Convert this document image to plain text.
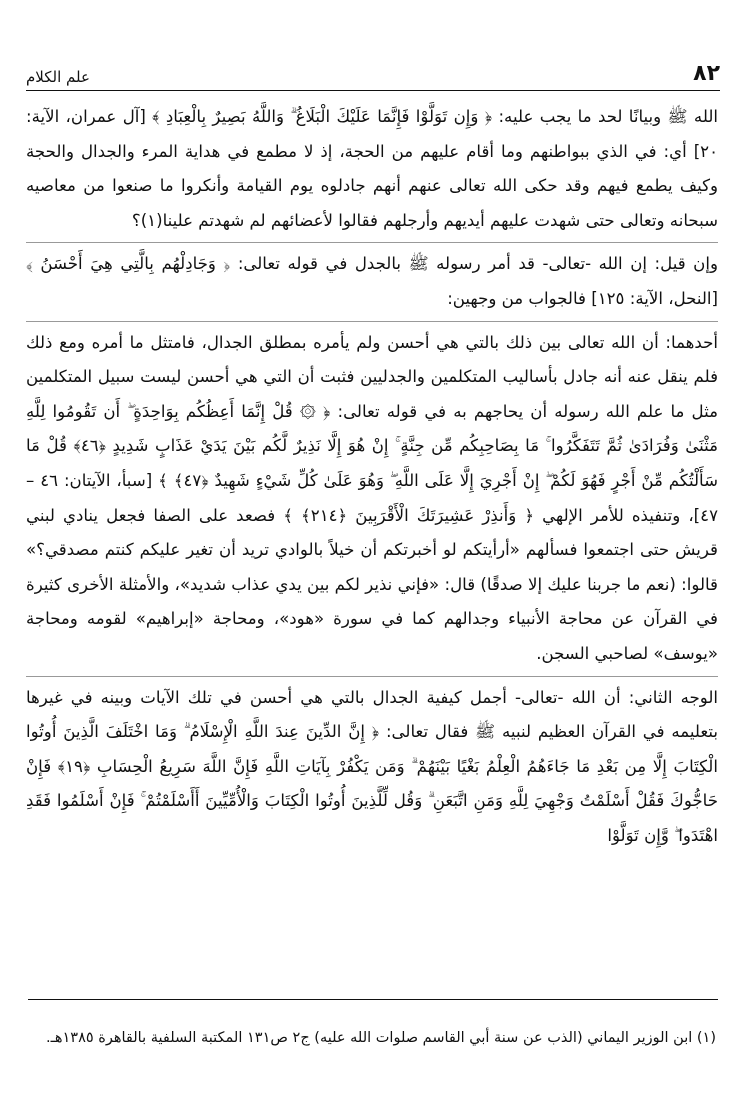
٨٢
علم الكلام

الله ﷺ وبيانًا لحد ما يجب عليه: ﴿ وَإِن تَوَلَّوْا فَإِنَّمَا عَلَيْكَ الْبَلَاغُ ۗ وَاللَّهُ بَصِيرٌ بِالْعِبَادِ ﴾ [آل عمران، الآية: ٢٠] أي: في الذي ببواطنهم وما أقام عليهم من الحجة، إذ لا مطمع في هداية المرء والجدال والحجة وكيف يطمع فيهم وقد حكى الله تعالى عنهم أنهم جادلوه يوم القيامة وأنكروا ما صنعوا من معاصيه سبحانه وتعالى حتى شهدت عليهم أيديهم وأرجلهم فقالوا لأعضائهم لم شهدتم علينا(١)؟

وإن قيل: إن الله -تعالى- قد أمر رسوله ﷺ بالجدل في قوله تعالى: ﴿ وَجَادِلْهُم بِالَّتِي هِيَ أَحْسَنُ ﴾ [النحل، الآية: ١٢٥] فالجواب من وجهين:

أحدهما: أن الله تعالى بين ذلك بالتي هي أحسن ولم يأمره بمطلق الجدال، فامتثل ما أمره ومع ذلك فلم ينقل عنه أنه جادل بأساليب المتكلمين والجدليين فثبت أن التي هي أحسن ليست سبيل المتكلمين مثل ما علم الله رسوله أن يحاجهم به في قوله تعالى: ﴿ ۞ قُلْ إِنَّمَا أَعِظُكُم بِوَاحِدَةٍ ۖ أَن تَقُومُوا لِلَّهِ مَثْنَىٰ وَفُرَادَىٰ ثُمَّ تَتَفَكَّرُوا ۚ مَا بِصَاحِبِكُم مِّن جِنَّةٍ ۚ إِنْ هُوَ إِلَّا نَذِيرٌ لَّكُم بَيْنَ يَدَيْ عَذَابٍ شَدِيدٍ ﴿٤٦﴾ قُلْ مَا سَأَلْتُكُم مِّنْ أَجْرٍ فَهُوَ لَكُمْ ۖ إِنْ أَجْرِيَ إِلَّا عَلَى اللَّهِ ۖ وَهُوَ عَلَىٰ كُلِّ شَيْءٍ شَهِيدٌ ﴿٤٧﴾ ﴾ [سبأ، الآيتان: ٤٦ – ٤٧]، وتنفيذه للأمر الإلهي ﴿ وَأَنذِرْ عَشِيرَتَكَ الْأَقْرَبِينَ ﴿٢١٤﴾ ﴾ فصعد على الصفا فجعل ينادي لبني قريش حتى اجتمعوا فسألهم «أرأيتكم لو أخبرتكم أن خيلاً بالوادي تريد أن تغير عليكم كنتم مصدقي؟» قالوا: (نعم ما جربنا عليك إلا صدقًا) قال: «فإني نذير لكم بين يدي عذاب شديد»، والأمثلة الأخرى كثيرة في القرآن عن محاجة الأنبياء وجدالهم كما في سورة «هود»، ومحاجة «إبراهيم» لقومه ومحاجة «يوسف» لصاحبي السجن.

الوجه الثاني: أن الله -تعالى- أجمل كيفية الجدال بالتي هي أحسن في تلك الآيات وبينه في غيرها بتعليمه في القرآن العظيم لنبيه ﷺ فقال تعالى: ﴿ إِنَّ الدِّينَ عِندَ اللَّهِ الْإِسْلَامُ ۗ وَمَا اخْتَلَفَ الَّذِينَ أُوتُوا الْكِتَابَ إِلَّا مِن بَعْدِ مَا جَاءَهُمُ الْعِلْمُ بَغْيًا بَيْنَهُمْ ۗ وَمَن يَكْفُرْ بِآيَاتِ اللَّهِ فَإِنَّ اللَّهَ سَرِيعُ الْحِسَابِ ﴿١٩﴾ فَإِنْ حَاجُّوكَ فَقُلْ أَسْلَمْتُ وَجْهِيَ لِلَّهِ وَمَنِ اتَّبَعَنِ ۗ وَقُل لِّلَّذِينَ أُوتُوا الْكِتَابَ وَالْأُمِّيِّينَ أَأَسْلَمْتُمْ ۚ فَإِنْ أَسْلَمُوا فَقَدِ اهْتَدَوا ۖ وَّإِن تَوَلَّوْا

(١) ابن الوزير اليماني (الذب عن سنة أبي القاسم صلوات الله عليه) ج٢ ص١٣١ المكتبة السلفية بالقاهرة ١٣٨٥هـ.
